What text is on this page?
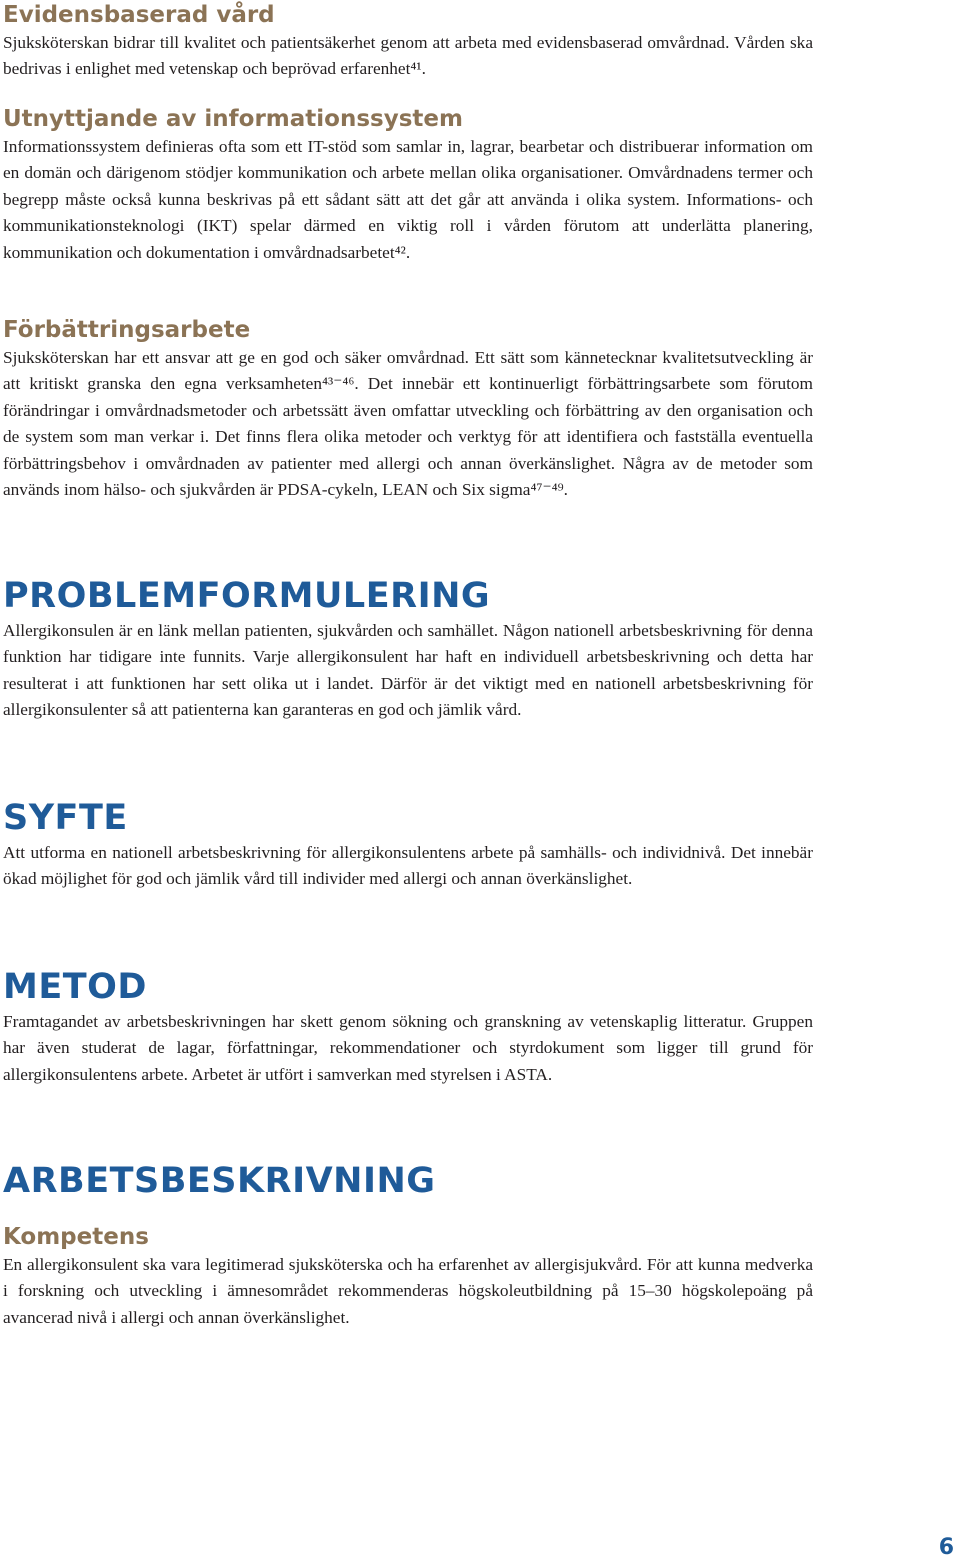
Evidensbaserad vård

Sjuksköterskan bidrar till kvalitet och patientsäkerhet genom att arbeta med evidensbaserad omvårdnad. Vården ska bedrivas i enlighet med vetenskap och beprövad erfarenhet⁴¹.

Utnyttjande av informationssystem

Informationssystem definieras ofta som ett IT-stöd som samlar in, lagrar, bearbetar och distribuerar information om en domän och därigenom stödjer kommunikation och arbete mellan olika organisationer. Omvårdnadens termer och begrepp måste också kunna beskrivas på ett sådant sätt att det går att använda i olika system. Informations- och kommunikationsteknologi (IKT) spelar därmed en viktig roll i vården förutom att underlätta planering, kommunikation och dokumentation i omvårdnadsarbetet⁴².

Förbättringsarbete

Sjuksköterskan har ett ansvar att ge en god och säker omvårdnad. Ett sätt som kännetecknar kvalitetsutveckling är att kritiskt granska den egna verksamheten⁴³⁻⁴⁶. Det innebär ett kontinuerligt förbättringsarbete som förutom förändringar i omvårdnadsmetoder och arbetssätt även omfattar utveckling och förbättring av den organisation och de system som man verkar i. Det finns flera olika metoder och verktyg för att identifiera och fastställa eventuella förbättringsbehov i omvårdnaden av patienter med allergi och annan överkänslighet. Några av de metoder som används inom hälso- och sjukvården är PDSA-cykeln, LEAN och Six sigma⁴⁷⁻⁴⁹.

PROBLEMFORMULERING

Allergikonsulen är en länk mellan patienten, sjukvården och samhället. Någon nationell arbetsbeskrivning för denna funktion har tidigare inte funnits. Varje allergikonsulent har haft en individuell arbetsbeskrivning och detta har resulterat i att funktionen har sett olika ut i landet. Därför är det viktigt med en nationell arbetsbeskrivning för allergikonsulenter så att patienterna kan garanteras en god och jämlik vård.

SYFTE

Att utforma en nationell arbetsbeskrivning för allergikonsulentens arbete på samhälls- och individnivå. Det innebär ökad möjlighet för god och jämlik vård till individer med allergi och annan överkänslighet.

METOD

Framtagandet av arbetsbeskrivningen har skett genom sökning och granskning av vetenskaplig litteratur. Gruppen har även studerat de lagar, författningar, rekommendationer och styrdokument som ligger till grund för allergikonsulentens arbete. Arbetet är utfört i samverkan med styrelsen i ASTA.

ARBETSBESKRIVNING
Kompetens

En allergikonsulent ska vara legitimerad sjuksköterska och ha erfarenhet av allergisjukvård. För att kunna medverka i forskning och utveckling i ämnesområdet rekommenderas högskoleutbildning på 15–30 högskolepoäng på avancerad nivå i allergi och annan överkänslighet.

6
